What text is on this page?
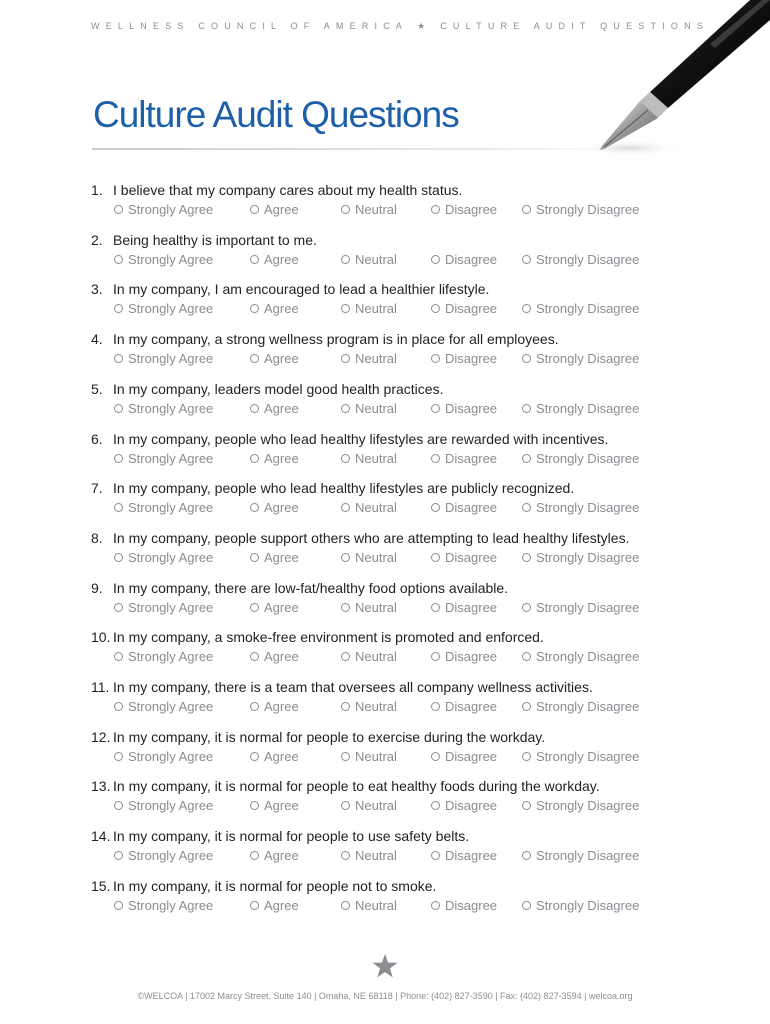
WELLNESS COUNCIL OF AMERICA ★ CULTURE AUDIT QUESTIONS
Culture Audit Questions
1. I believe that my company cares about my health status.
Strongly Agree	Agree	Neutral	Disagree	Strongly Disagree
2. Being healthy is important to me.
Strongly Agree	Agree	Neutral	Disagree	Strongly Disagree
3. In my company, I am encouraged to lead a healthier lifestyle.
Strongly Agree	Agree	Neutral	Disagree	Strongly Disagree
4. In my company, a strong wellness program is in place for all employees.
Strongly Agree	Agree	Neutral	Disagree	Strongly Disagree
5. In my company, leaders model good health practices.
Strongly Agree	Agree	Neutral	Disagree	Strongly Disagree
6. In my company, people who lead healthy lifestyles are rewarded with incentives.
Strongly Agree	Agree	Neutral	Disagree	Strongly Disagree
7. In my company, people who lead healthy lifestyles are publicly recognized.
Strongly Agree	Agree	Neutral	Disagree	Strongly Disagree
8. In my company, people support others who are attempting to lead healthy lifestyles.
Strongly Agree	Agree	Neutral	Disagree	Strongly Disagree
9. In my company, there are low-fat/healthy food options available.
Strongly Agree	Agree	Neutral	Disagree	Strongly Disagree
10. In my company, a smoke-free environment is promoted and enforced.
Strongly Agree	Agree	Neutral	Disagree	Strongly Disagree
11. In my company, there is a team that oversees all company wellness activities.
Strongly Agree	Agree	Neutral	Disagree	Strongly Disagree
12. In my company, it is normal for people to exercise during the workday.
Strongly Agree	Agree	Neutral	Disagree	Strongly Disagree
13. In my company, it is normal for people to eat healthy foods during the workday.
Strongly Agree	Agree	Neutral	Disagree	Strongly Disagree
14. In my company, it is normal for people to use safety belts.
Strongly Agree	Agree	Neutral	Disagree	Strongly Disagree
15. In my company, it is normal for people not to smoke.
Strongly Agree	Agree	Neutral	Disagree	Strongly Disagree
©WELCOA | 17002 Marcy Street, Suite 140 | Omaha, NE 68118 | Phone: (402) 827-3590 | Fax: (402) 827-3594 | welcoa.org
